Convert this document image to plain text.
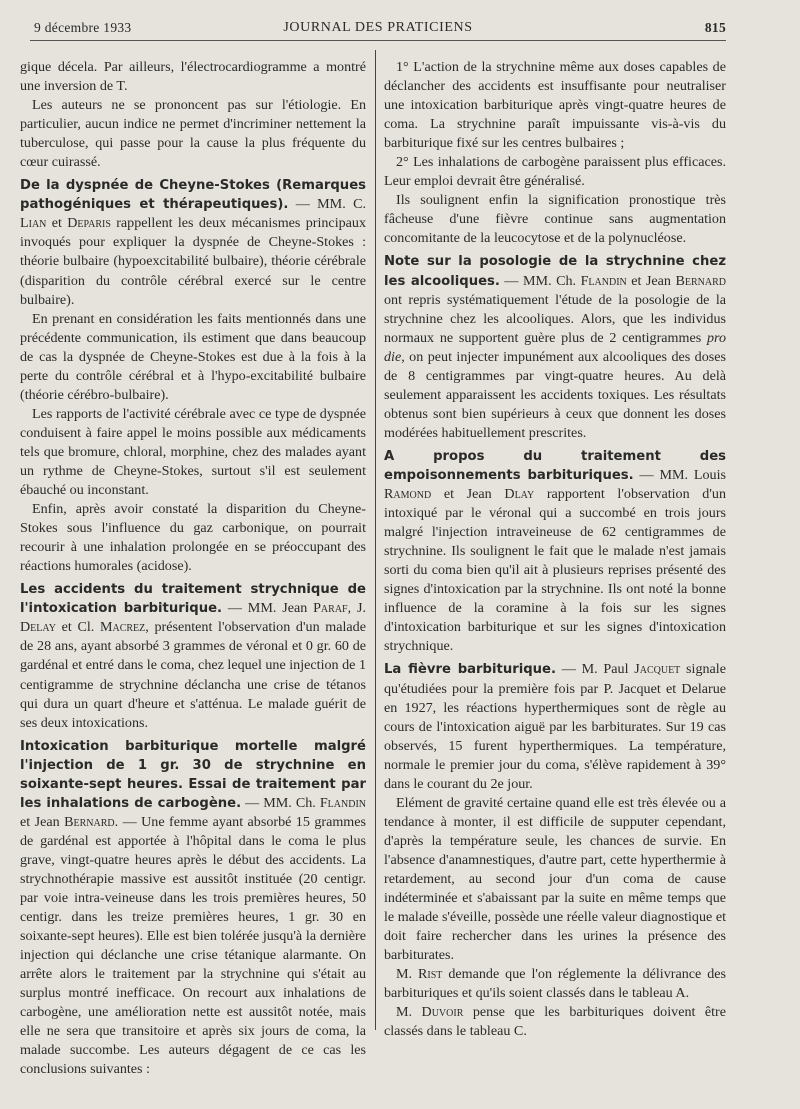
9 décembre 1933	JOURNAL DES PRATICIENS	815

gique décela. Par ailleurs, l'électrocardiogramme a montré une inversion de T.

Les auteurs ne se prononcent pas sur l'étiologie. En particulier, aucun indice ne permet d'incriminer nettement la tuberculose, qui passe pour la cause la plus fréquente du cœur cuirassé.

De la dyspnée de Cheyne-Stokes (Remarques pathogéniques et thérapeutiques). — MM. C. Lian et Deparis rappellent les deux mécanismes principaux invoqués pour expliquer la dyspnée de Cheyne-Stokes : théorie bulbaire (hypoexcitabilité bulbaire), théorie cérébrale (disparition du contrôle cérébral exercé sur le centre bulbaire).

En prenant en considération les faits mentionnés dans une précédente communication, ils estiment que dans beaucoup de cas la dyspnée de Cheyne-Stokes est due à la fois à la perte du contrôle cérébral et à l'hypo-excitabilité bulbaire (théorie cérébro-bulbaire).

Les rapports de l'activité cérébrale avec ce type de dyspnée conduisent à faire appel le moins possible aux médicaments tels que bromure, chloral, morphine, chez des malades ayant un rythme de Cheyne-Stokes, surtout s'il est seulement ébauché ou inconstant.

Enfin, après avoir constaté la disparition du Cheyne-Stokes sous l'influence du gaz carbonique, on pourrait recourir à une inhalation prolongée en se préoccupant des réactions humorales (acidose).

Les accidents du traitement strychnique de l'intoxication barbiturique. — MM. Jean Paraf, J. Delay et Cl. Macrez, présentent l'observation d'un malade de 28 ans, ayant absorbé 3 grammes de véronal et 0 gr. 60 de gardénal et entré dans le coma, chez lequel une injection de 1 centigramme de strychnine déclancha une crise de tétanos qui dura un quart d'heure et s'atténua. Le malade guérit de ses deux intoxications.

Intoxication barbiturique mortelle malgré l'injection de 1 gr. 30 de strychnine en soixante-sept heures. Essai de traitement par les inhalations de carbogène. — MM. Ch. Flandin et Jean Bernard. — Une femme ayant absorbé 15 grammes de gardénal est apportée à l'hôpital dans le coma le plus grave, vingt-quatre heures après le début des accidents. La strychnothérapie massive est aussitôt instituée (20 centigr. par voie intra-veineuse dans les trois premières heures, 50 centigr. dans les treize premières heures, 1 gr. 30 en soixante-sept heures). Elle est bien tolérée jusqu'à la dernière injection qui déclanche une crise tétanique alarmante. On arrête alors le traitement par la strychnine qui s'était au surplus montré inefficace. On recourt aux inhalations de carbogène, une amélioration nette est aussitôt notée, mais elle ne sera que transitoire et après six jours de coma, la malade succombe. Les auteurs dégagent de ce cas les conclusions suivantes :

1° L'action de la strychnine même aux doses capables de déclancher des accidents est insuffisante pour neutraliser une intoxication barbiturique après vingt-quatre heures de coma. La strychnine paraît impuissante vis-à-vis du barbiturique fixé sur les centres bulbaires ;

2° Les inhalations de carbogène paraissent plus efficaces. Leur emploi devrait être généralisé.

Ils soulignent enfin la signification pronostique très fâcheuse d'une fièvre continue sans augmentation concomitante de la leucocytose et de la polynucléose.

Note sur la posologie de la strychnine chez les alcooliques. — MM. Ch. Flandin et Jean Bernard ont repris systématiquement l'étude de la posologie de la strychnine chez les alcooliques. Alors, que les individus normaux ne supportent guère plus de 2 centigrammes pro die, on peut injecter impunément aux alcooliques des doses de 8 centigrammes par vingt-quatre heures. Au delà seulement apparaissent les accidents toxiques. Les résultats obtenus sont bien supérieurs à ceux que donnent les doses modérées habituellement prescrites.

A propos du traitement des empoisonnements barbituriques. — MM. Louis Ramond et Jean Dlay rapportent l'observation d'un intoxiqué par le véronal qui a succombé en trois jours malgré l'injection intraveineuse de 62 centigrammes de strychnine. Ils soulignent le fait que le malade n'est jamais sorti du coma bien qu'il ait à plusieurs reprises présenté des signes d'intoxication par la strychnine. Ils ont noté la bonne influence de la coramine à la fois sur les signes d'intoxication barbiturique et sur les signes d'intoxication strychnique.

La fièvre barbiturique. — M. Paul Jacquet signale qu'étudiées pour la première fois par P. Jacquet et Delarue en 1927, les réactions hyperthermiques sont de règle au cours de l'intoxication aiguë par les barbiturates. Sur 19 cas observés, 15 furent hyperthermiques. La température, normale le premier jour du coma, s'élève rapidement à 39° dans le courant du 2e jour.

Elément de gravité certaine quand elle est très élevée ou a tendance à monter, il est difficile de supputer cependant, d'après la température seule, les chances de survie. En l'absence d'anamnestiques, d'autre part, cette hyperthermie à retardement, au second jour d'un coma de cause indéterminée et s'abaissant par la suite en même temps que le malade s'éveille, possède une réelle valeur diagnostique et doit faire rechercher dans les urines la présence des barbiturates.

M. Rist demande que l'on réglemente la délivrance des barbituriques et qu'ils soient classés dans le tableau A.

M. Duvoir pense que les barbituriques doivent être classés dans le tableau C.
